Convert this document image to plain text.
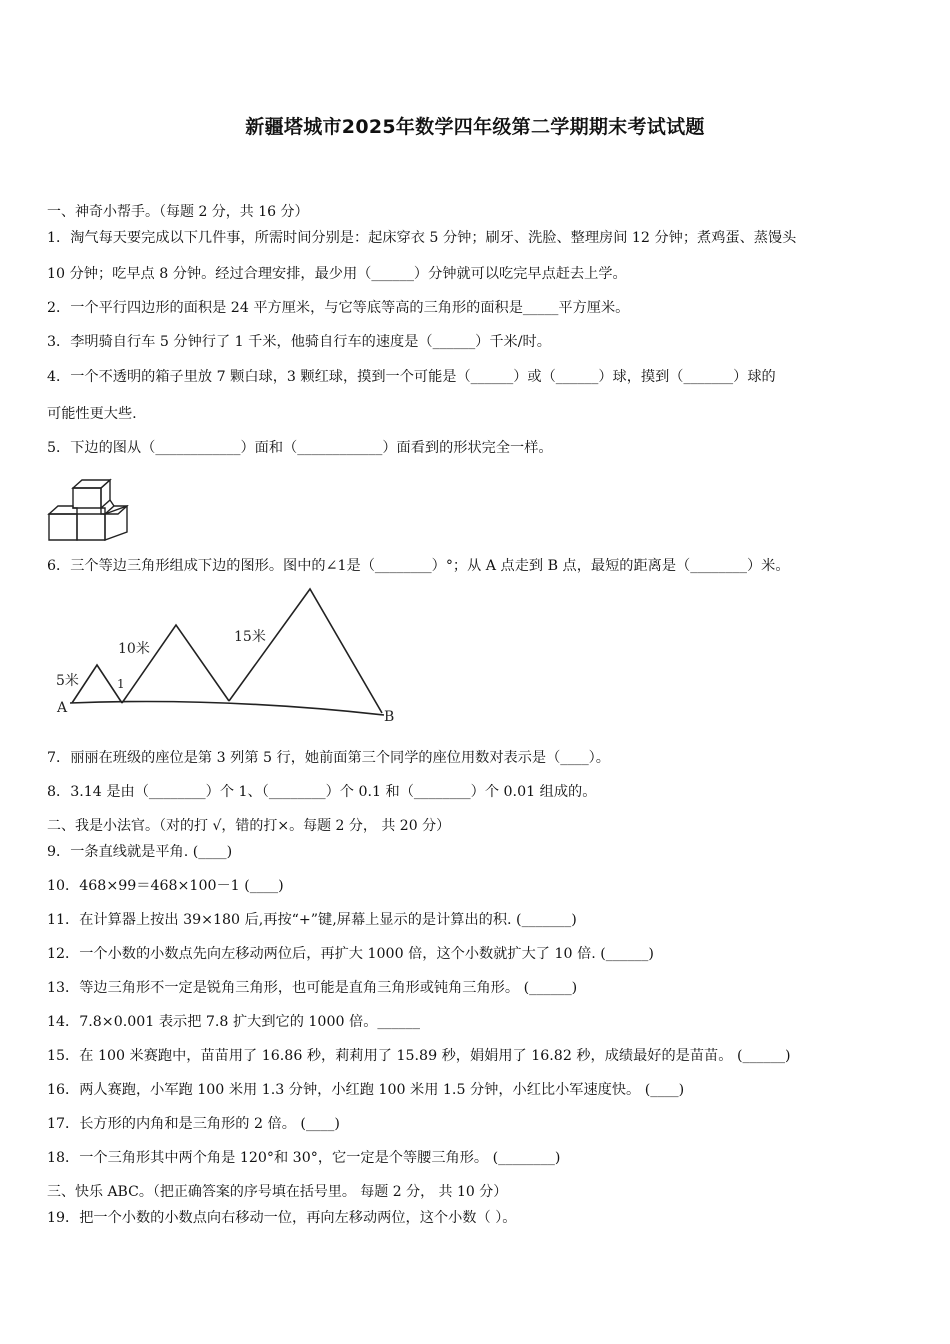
新疆塔城市2025年数学四年级第二学期期末考试试题
一、神奇小帮手。（每题 2 分，共 16 分）
1．淘气每天要完成以下几件事，所需时间分别是：起床穿衣 5 分钟；刷牙、洗脸、整理房间 12 分钟；煮鸡蛋、蒸馒头
10 分钟；吃早点 8 分钟。经过合理安排，最少用（______）分钟就可以吃完早点赶去上学。
2．一个平行四边形的面积是 24 平方厘米，与它等底等高的三角形的面积是_____平方厘米。
3．李明骑自行车 5 分钟行了 1 千米，他骑自行车的速度是（______）千米/时。
4．一个不透明的箱子里放 7 颗白球，3 颗红球，摸到一个可能是（______）或（______）球，摸到（_______）球的
可能性更大些.
5．下边的图从（____________）面和（____________）面看到的形状完全一样。
6．三个等边三角形组成下边的图形。图中的∠1是（________）°；从 A 点走到 B 点，最短的距离是（________）米。
5米
10米
15米
1
A
B
7．丽丽在班级的座位是第 3 列第 5 行，她前面第三个同学的座位用数对表示是（____）。
8．3.14 是由（________）个 1、（________）个 0.1 和（________）个 0.01 组成的。
二、我是小法官。（对的打 √，错的打×。每题 2 分， 共 20 分）
9．一条直线就是平角. (____)
10．468×99＝468×100－1 (____)
11．在计算器上按出 39×180 后,再按“+”键,屏幕上显示的是计算出的积. (_______)
12．一个小数的小数点先向左移动两位后，再扩大 1000 倍，这个小数就扩大了 10 倍. (______)
13．等边三角形不一定是锐角三角形，也可能是直角三角形或钝角三角形。 (______)
14．7.8×0.001 表示把 7.8 扩大到它的 1000 倍。______
15．在 100 米赛跑中，苗苗用了 16.86 秒，莉莉用了 15.89 秒，娟娟用了 16.82 秒，成绩最好的是苗苗。 (______)
16．两人赛跑，小军跑 100 米用 1.3 分钟，小红跑 100 米用 1.5 分钟，小红比小军速度快。 (____)
17．长方形的内角和是三角形的 2 倍。 (____)
18．一个三角形其中两个角是 120°和 30°，它一定是个等腰三角形。 (________)
三、快乐 ABC。（把正确答案的序号填在括号里。 每题 2 分， 共 10 分）
19．把一个小数的小数点向右移动一位，再向左移动两位，这个小数（ ）。
